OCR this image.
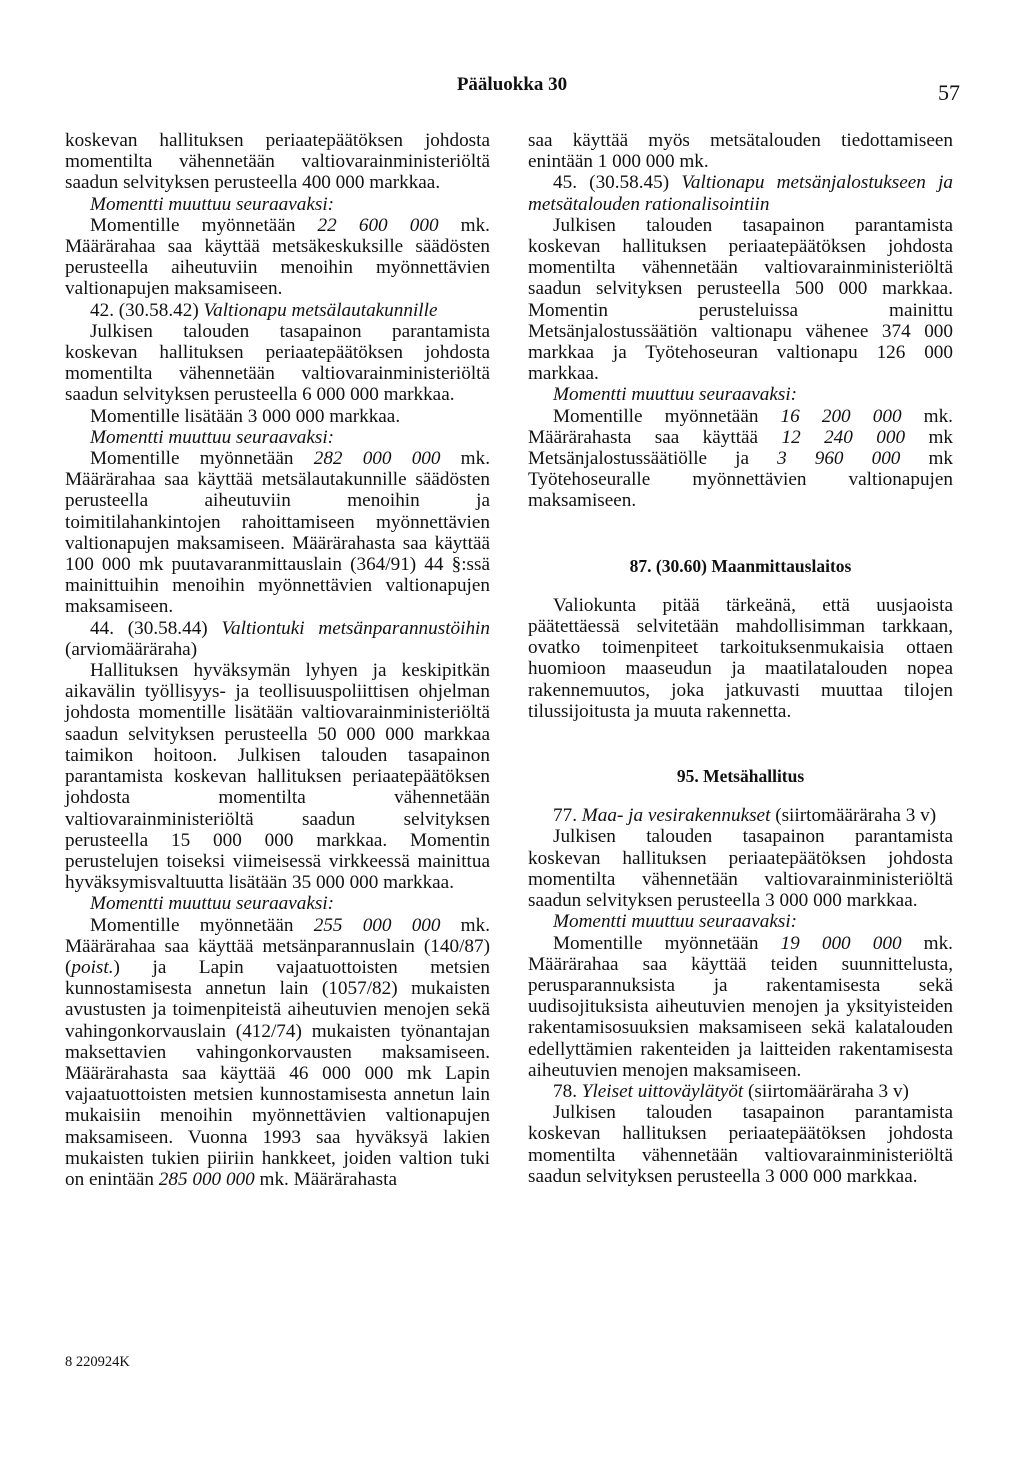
Pääluokka 30	57

koskevan hallituksen periaatepäätöksen johdosta momentilta vähennetään valtiovarainministeriöltä saadun selvityksen perusteella 400 000 markkaa.

Momentti muuttuu seuraavaksi:

Momentille myönnetään 22 600 000 mk. Määrärahaa saa käyttää metsäkeskuksille säädösten perusteella aiheutuviin menoihin myönnettävien valtionapujen maksamiseen.

42. (30.58.42) Valtionapu metsälautakunnille

Julkisen talouden tasapainon parantamista koskevan hallituksen periaatepäätöksen johdosta momentilta vähennetään valtiovarainministeriöltä saadun selvityksen perusteella 6 000 000 markkaa.

Momentille lisätään 3 000 000 markkaa.

Momentti muuttuu seuraavaksi:

Momentille myönnetään 282 000 000 mk. Määrärahaa saa käyttää metsälautakunnille säädösten perusteella aiheutuviin menoihin ja toimitilahankintojen rahoittamiseen myönnettävien valtionapujen maksamiseen. Määrärahasta saa käyttää 100 000 mk puutavaranmittauslain (364/91) 44 §:ssä mainittuihin menoihin myönnettävien valtionapujen maksamiseen.

44. (30.58.44) Valtiontuki metsänparannustöihin (arviomääräraha)

Hallituksen hyväksymän lyhyen ja keskipitkän aikavälin työllisyys- ja teollisuuspoliittisen ohjelman johdosta momentille lisätään valtiovarainministeriöltä saadun selvityksen perusteella 50 000 000 markkaa taimikon hoitoon. Julkisen talouden tasapainon parantamista koskevan hallituksen periaatepäätöksen johdosta momentilta vähennetään valtiovarainministeriöltä saadun selvityksen perusteella 15 000 000 markkaa. Momentin perustelujen toiseksi viimeisessä virkkeessä mainittua hyväksymisvaltuutta lisätään 35 000 000 markkaa.

Momentti muuttuu seuraavaksi:

Momentille myönnetään 255 000 000 mk. Määrärahaa saa käyttää metsänparannuslain (140/87) (poist.) ja Lapin vajaatuottoisten metsien kunnostamisesta annetun lain (1057/82) mukaisten avustusten ja toimenpiteistä aiheutuvien menojen sekä vahingonkorvauslain (412/74) mukaisten työnantajan maksettavien vahingonkorvausten maksamiseen. Määrärahasta saa käyttää 46 000 000 mk Lapin vajaatuottoisten metsien kunnostamisesta annetun lain mukaisiin menoihin myönnettävien valtionapujen maksamiseen. Vuonna 1993 saa hyväksyä lakien mukaisten tukien piiriin hankkeet, joiden valtion tuki on enintään 285 000 000 mk. Määrärahasta

saa käyttää myös metsätalouden tiedottamiseen enintään 1 000 000 mk.

45. (30.58.45) Valtionapu metsänjalostukseen ja metsätalouden rationalisointiin

Julkisen talouden tasapainon parantamista koskevan hallituksen periaatepäätöksen johdosta momentilta vähennetään valtiovarainministeriöltä saadun selvityksen perusteella 500 000 markkaa. Momentin perusteluissa mainittu Metsänjalostussäätiön valtionapu vähenee 374 000 markkaa ja Työtehoseuran valtionapu 126 000 markkaa.

Momentti muuttuu seuraavaksi:

Momentille myönnetään 16 200 000 mk. Määrärahasta saa käyttää 12 240 000 mk Metsänjalostussäätiölle ja 3 960 000 mk Työtehoseuralle myönnettävien valtionapujen maksamiseen.

87. (30.60) Maanmittauslaitos

Valiokunta pitää tärkeänä, että uusjaoista päätettäessä selvitetään mahdollisimman tarkkaan, ovatko toimenpiteet tarkoituksenmukaisia ottaen huomioon maaseudun ja maatilatalouden nopea rakennemuutos, joka jatkuvasti muuttaa tilojen tilussijoitusta ja muuta rakennetta.

95. Metsähallitus

77. Maa- ja vesirakennukset (siirtomääräraha 3 v)

Julkisen talouden tasapainon parantamista koskevan hallituksen periaatepäätöksen johdosta momentilta vähennetään valtiovarainministeriöltä saadun selvityksen perusteella 3 000 000 markkaa.

Momentti muuttuu seuraavaksi:

Momentille myönnetään 19 000 000 mk. Määrärahaa saa käyttää teiden suunnittelusta, perusparannuksista ja rakentamisesta sekä uudisojituksista aiheutuvien menojen ja yksityisteiden rakentamisosuuksien maksamiseen sekä kalatalouden edellyttämien rakenteiden ja laitteiden rakentamisesta aiheutuvien menojen maksamiseen.

78. Yleiset uittoväylätyöt (siirtomääräraha 3 v)

Julkisen talouden tasapainon parantamista koskevan hallituksen periaatepäätöksen johdosta momentilta vähennetään valtiovarainministeriöltä saadun selvityksen perusteella 3 000 000 markkaa.

8 220924K
